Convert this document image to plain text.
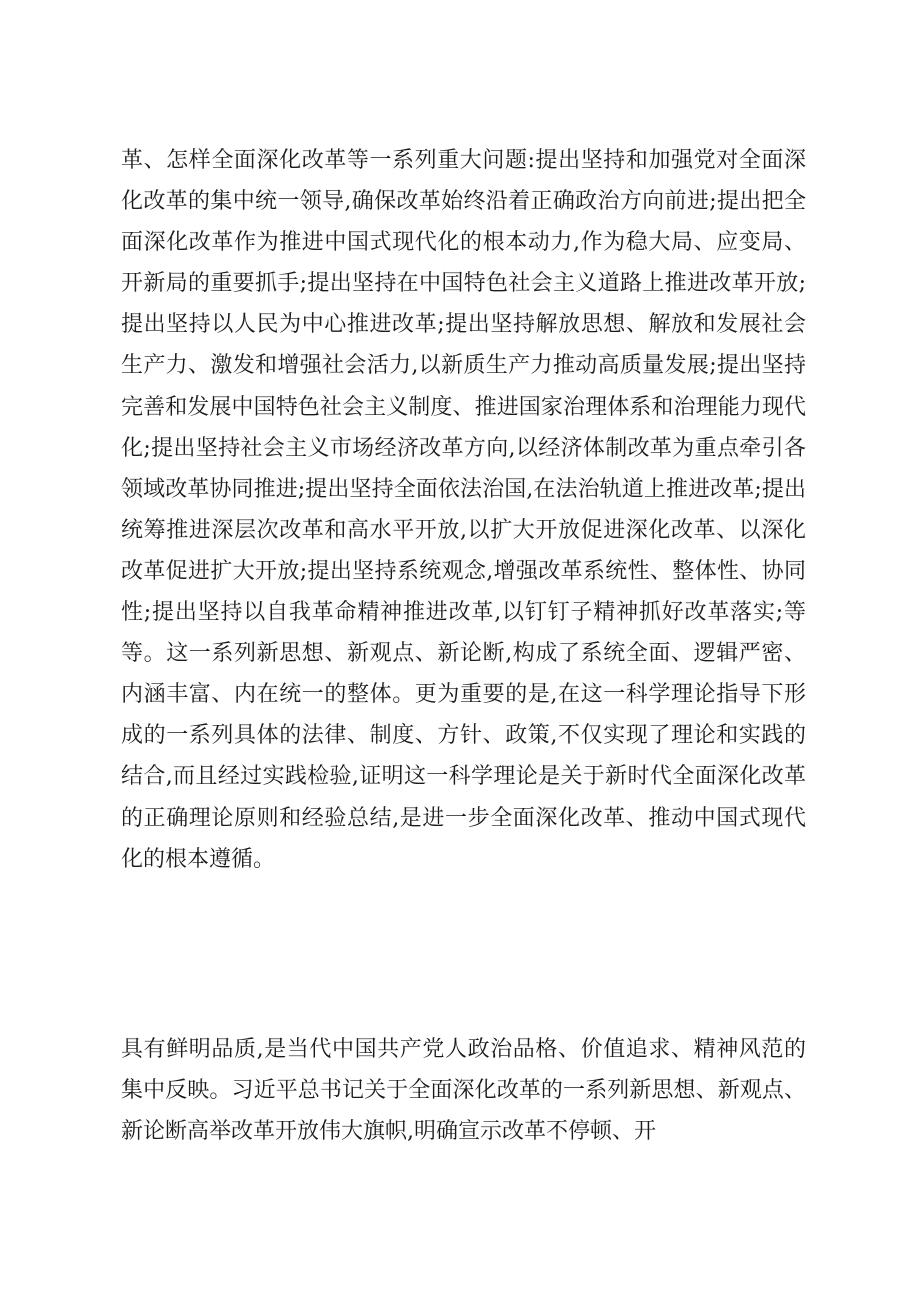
革、怎样全面深化改革等一系列重大问题:提出坚持和加强党对全面深化改革的集中统一领导,确保改革始终沿着正确政治方向前进;提出把全面深化改革作为推进中国式现代化的根本动力,作为稳大局、应变局、开新局的重要抓手;提出坚持在中国特色社会主义道路上推进改革开放;提出坚持以人民为中心推进改革;提出坚持解放思想、解放和发展社会生产力、激发和增强社会活力,以新质生产力推动高质量发展;提出坚持完善和发展中国特色社会主义制度、推进国家治理体系和治理能力现代化;提出坚持社会主义市场经济改革方向,以经济体制改革为重点牵引各领域改革协同推进;提出坚持全面依法治国,在法治轨道上推进改革;提出统筹推进深层次改革和高水平开放,以扩大开放促进深化改革、以深化改革促进扩大开放;提出坚持系统观念,增强改革系统性、整体性、协同性;提出坚持以自我革命精神推进改革,以钉钉子精神抓好改革落实;等等。这一系列新思想、新观点、新论断,构成了系统全面、逻辑严密、内涵丰富、内在统一的整体。更为重要的是,在这一科学理论指导下形成的一系列具体的法律、制度、方针、政策,不仅实现了理论和实践的结合,而且经过实践检验,证明这一科学理论是关于新时代全面深化改革的正确理论原则和经验总结,是进一步全面深化改革、推动中国式现代化的根本遵循。

具有鲜明品质,是当代中国共产党人政治品格、价值追求、精神风范的集中反映。习近平总书记关于全面深化改革的一系列新思想、新观点、新论断高举改革开放伟大旗帜,明确宣示改革不停顿、开
